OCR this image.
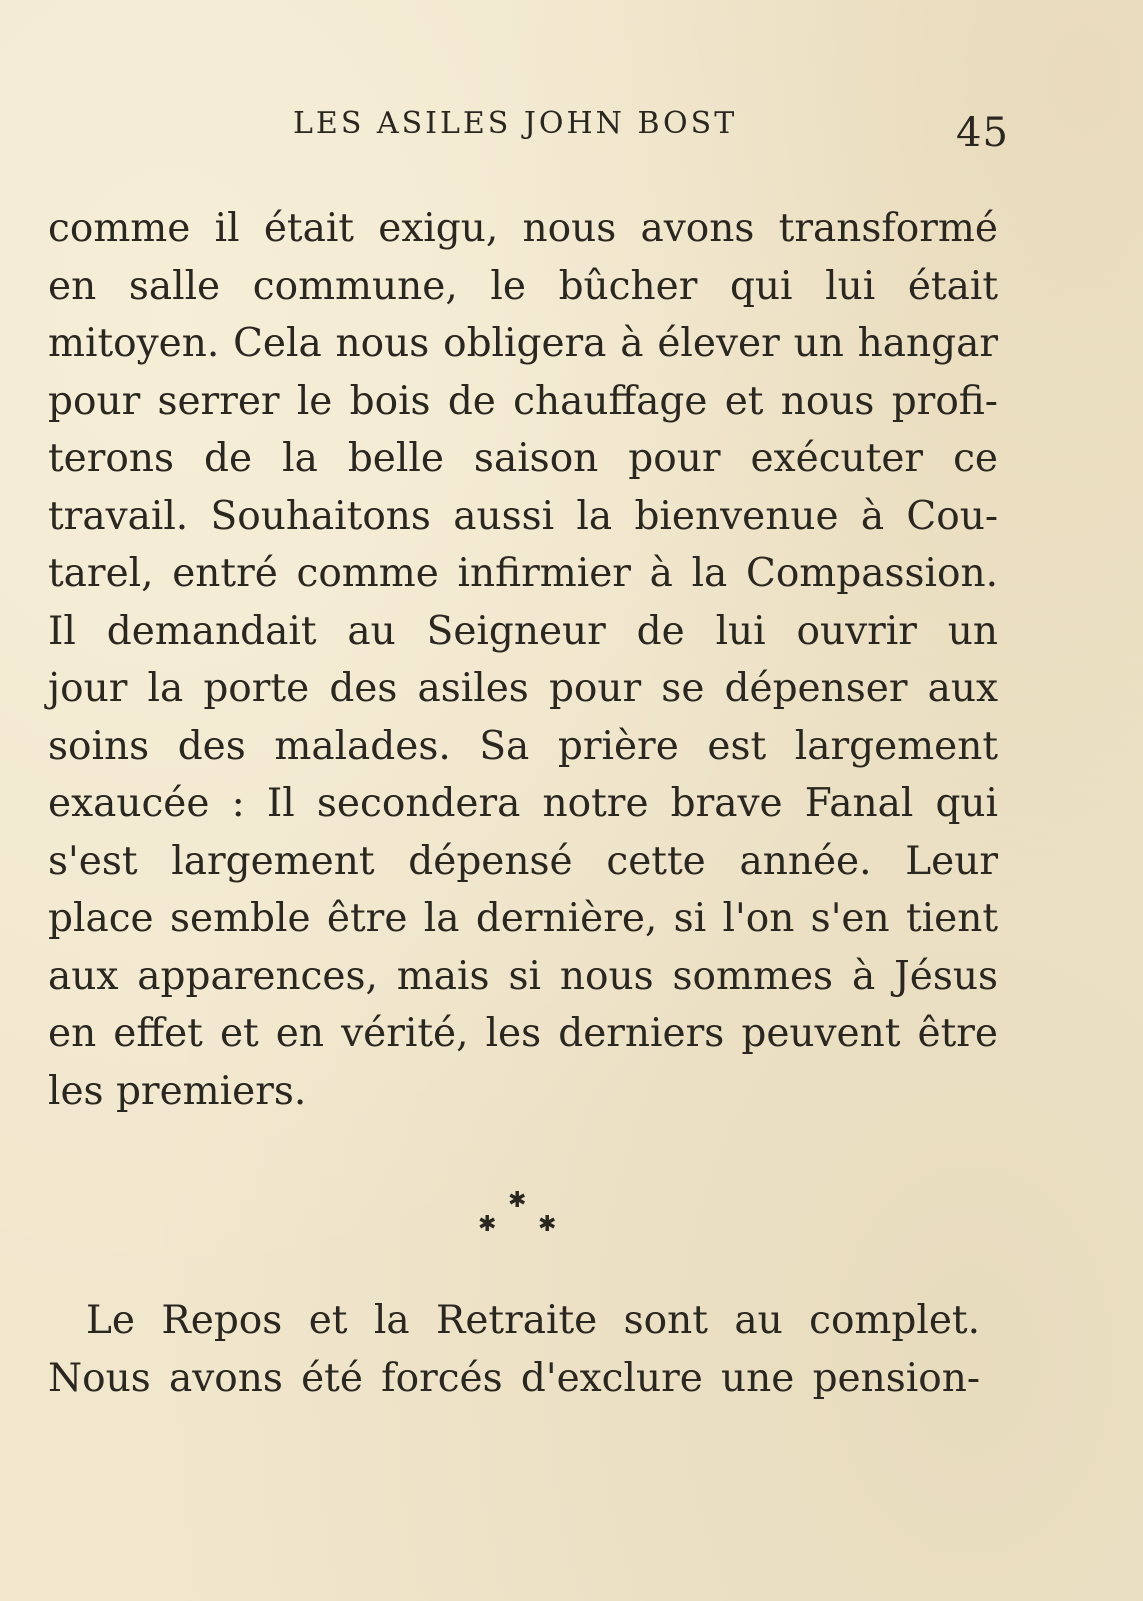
LES ASILES JOHN BOST	45
comme il était exigu, nous avons transformé
en salle commune, le bûcher qui lui était
mitoyen. Cela nous obligera à élever un hangar
pour serrer le bois de chauffage et nous profi-
terons de la belle saison pour exécuter ce
travail. Souhaitons aussi la bienvenue à Cou-
tarel, entré comme infirmier à la Compassion.
Il demandait au Seigneur de lui ouvrir un
jour la porte des asiles pour se dépenser aux
soins des malades. Sa prière est largement
exaucée : Il secondera notre brave Fanal qui
s'est largement dépensé cette année. Leur
place semble être la dernière, si l'on s'en tient
aux apparences, mais si nous sommes à Jésus
en effet et en vérité, les derniers peuvent être
les premiers.
✱
✱ ✱
Le Repos et la Retraite sont au complet.
Nous avons été forcés d'exclure une pension-
